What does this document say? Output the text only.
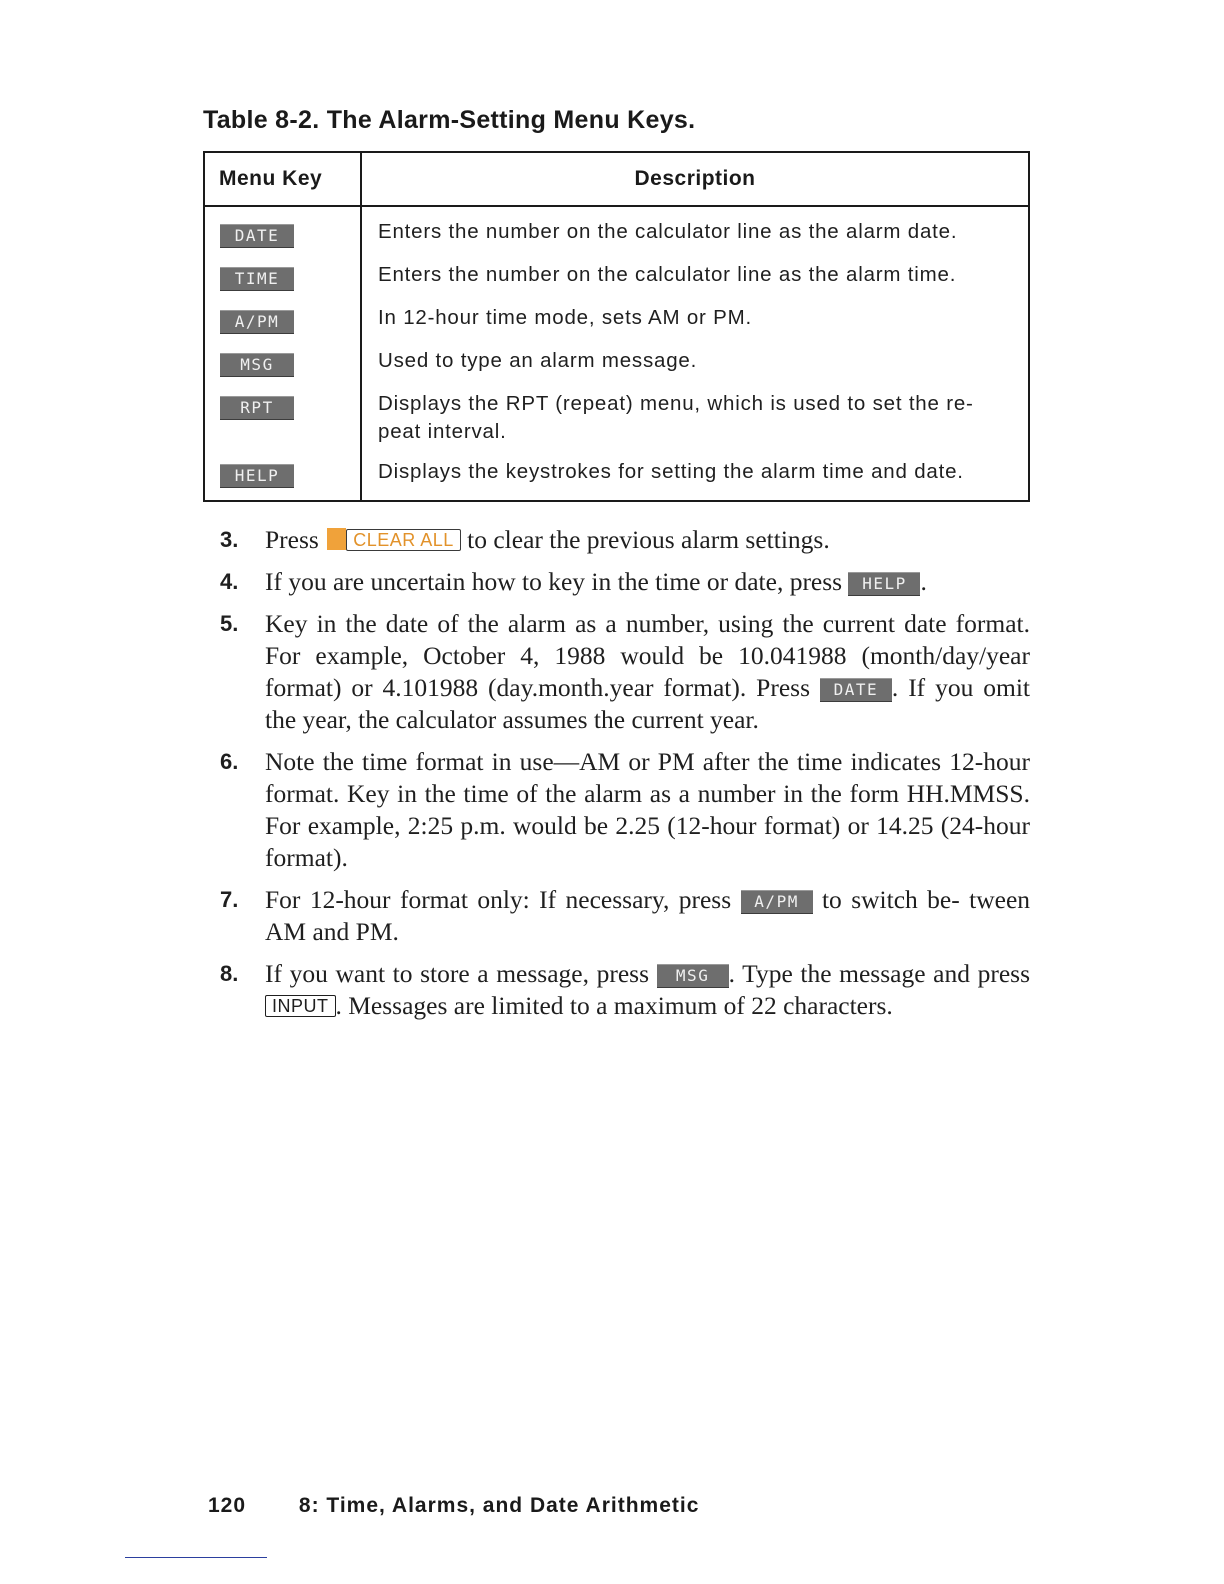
Table 8-2. The Alarm-Setting Menu Keys.
Menu Key	Description
DATE	Enters the number on the calculator line as the alarm date.
TIME	Enters the number on the calculator line as the alarm time.
A/PM	In 12-hour time mode, sets AM or PM.
MSG	Used to type an alarm message.
RPT	Displays the RPT (repeat) menu, which is used to set the re- peat interval.
HELP	Displays the keystrokes for setting the alarm time and date.
3. Press CLEAR ALL to clear the previous alarm settings.
4. If you are uncertain how to key in the time or date, press HELP .
5. Key in the date of the alarm as a number, using the current date format. For example, October 4, 1988 would be 10.041988 (month/day/year format) or 4.101988 (day.month.year format). Press DATE . If you omit the year, the calculator assumes the current year.
6. Note the time format in use—AM or PM after the time indicates 12-hour format. Key in the time of the alarm as a number in the form HH.MMSS. For example, 2:25 p.m. would be 2.25 (12-hour format) or 14.25 (24-hour format).
7. For 12-hour format only: If necessary, press A/PM to switch be- tween AM and PM.
8. If you want to store a message, press MSG . Type the message and press INPUT . Messages are limited to a maximum of 22 characters.
120	8: Time, Alarms, and Date Arithmetic
